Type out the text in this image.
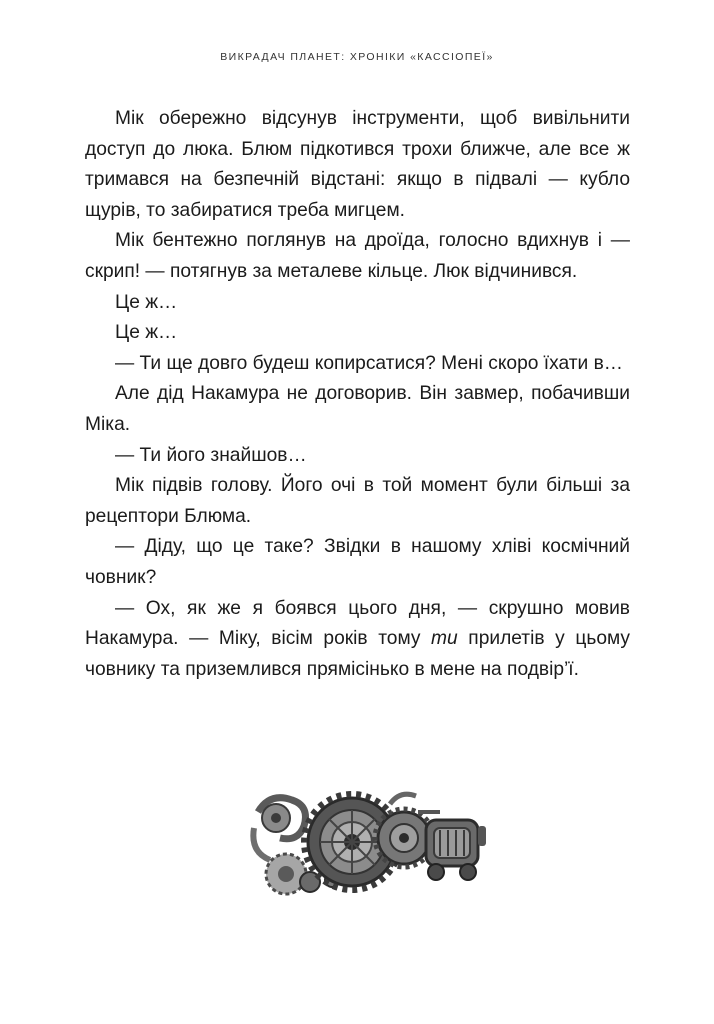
ВИКРАДАЧ ПЛАНЕТ: ХРОНІКИ «КАССІОПЕЇ»

Мік обережно відсунув інструменти, щоб вивільнити доступ до люка. Блюм підкотився трохи ближче, але все ж тримався на безпечній відстані: якщо в підвалі — кубло щурів, то забиратися треба мигцем.

Мік бентежно поглянув на дроїда, голосно вдихнув і — скрип! — потягнув за металеве кільце. Люк відчинився.

Це ж…

Це ж…

— Ти ще довго будеш копирсатися? Мені скоро їхати в…

Але дід Накамура не договорив. Він завмер, побачивши Міка.

— Ти його знайшов…

Мік підвів голову. Його очі в той момент були більші за рецептори Блюма.

— Діду, що це таке? Звідки в нашому хліві космічний човник?

— Ох, як же я боявся цього дня, — скрушно мовив Накамура. — Міку, вісім років тому ти прилетів у цьому човнику та приземлився прямісінько в мене на подвір’ї.
